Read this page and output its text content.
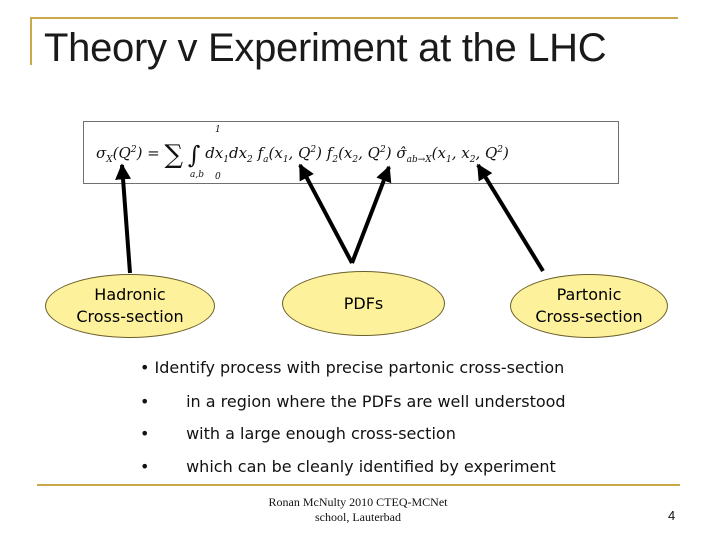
Theory v Experiment at the LHC
$\sigma_X(Q^2)$ = ∑ ∫ $dx_1dx_2$ $f_a(x_1$, $Q^2$) $f_2(x_2$, $Q^2$) $\sigmâ_{ab\to X}(x_1$, $x_2$, $Q^2$)
a,b
1
0
Hadronic
Cross-section
PDFs	Partonic
Cross-section
• Identify process with precise partonic cross-section
• in a region where the PDFs are well understood
• with a large enough cross-section
• which can be cleanly identified by experiment
Ronan McNulty 2010 CTEQ-MCNet
school, Lauterbad	4
